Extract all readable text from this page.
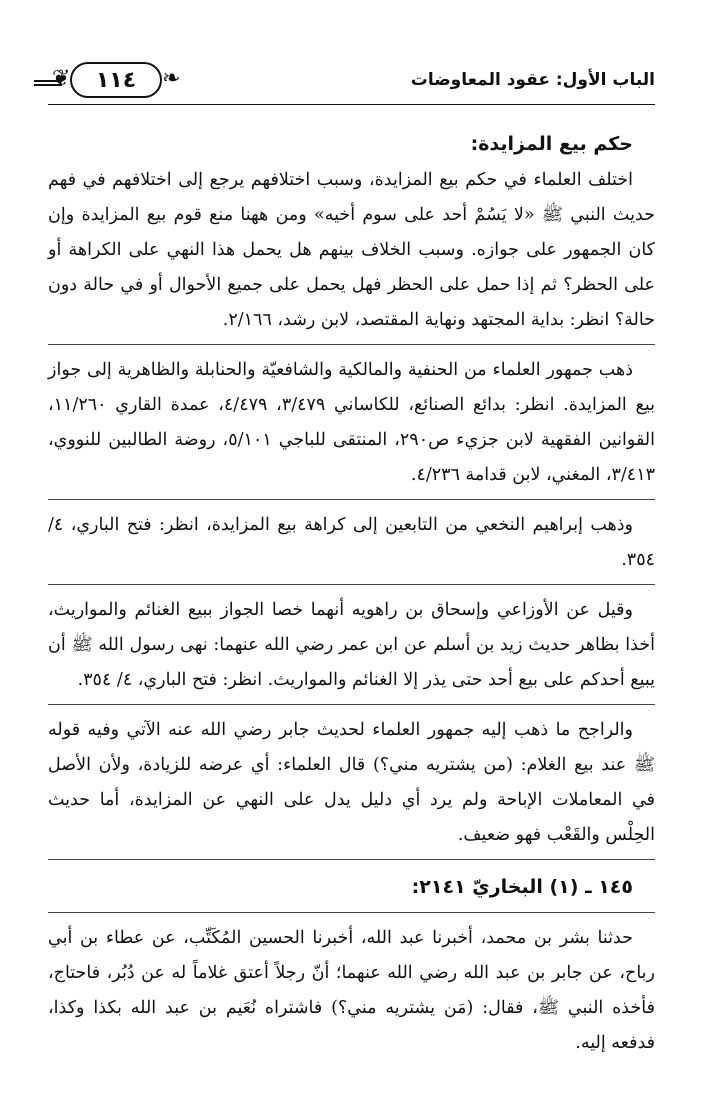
الباب الأول: عقود المعاوضات
❦	١١٤	❧
حكم بيع المزايدة:

اختلف العلماء في حكم بيع المزايدة، وسبب اختلافهم يرجع إلى اختلافهم في فهم حديث النبي ﷺ «لا يَسُمْ أحد على سوم أخيه» ومن ههنا منع قوم بيع المزايدة وإن كان الجمهور على جوازه. وسبب الخلاف بينهم هل يحمل هذا النهي على الكراهة أو على الحظر؟ ثم إذا حمل على الحظر فهل يحمل على جميع الأحوال أو في حالة دون حالة؟ انظر: بداية المجتهد ونهاية المقتصد، لابن رشد، ٢/١٦٦.

ذهب جمهور العلماء من الحنفية والمالكية والشافعيّة والحنابلة والظاهرية إلى جواز بيع المزايدة. انظر: بدائع الصنائع، للكاساني ٣/٤٧٩، ٤/٤٧٩، عمدة القاري ١١/٢٦٠، القوانين الفقهية لابن جزيء ص٢٩٠، المنتقى للباجي ٥/١٠١، روضة الطالبين للنووي، ٣/٤١٣، المغني، لابن قدامة ٤/٢٣٦.

وذهب إبراهيم النخعي من التابعين إلى كراهة بيع المزايدة، انظر: فتح الباري، ٤/ ٣٥٤.

وقيل عن الأوزاعي وإسحاق بن راهويه أنهما خصا الجواز ببيع الغنائم والمواريث، أخذا بظاهر حديث زيد بن أسلم عن ابن عمر رضي الله عنهما: نهى رسول الله ﷺ أن يبيع أحدكم على بيع أحد حتى يذر إلا الغنائم والمواريث. انظر: فتح الباري، ٤/ ٣٥٤.

والراجح ما ذهب إليه جمهور العلماء لحديث جابر رضي الله عنه الآتي وفيه قوله ﷺ عند بيع الغلام: (من يشتريه مني؟) قال العلماء: أي عرضه للزيادة، ولأن الأصل في المعاملات الإباحة ولم يرد أي دليل يدل على النهي عن المزايدة، أما حديث الحِلْس والقَعْب فهو ضعيف.

١٤٥ ـ (١) البخاريّ ٢١٤١:

حدثنا بشر بن محمد، أخبرنا عبد الله، أخبرنا الحسين المُكَتِّب، عن عطاء بن أبي رباح، عن جابر بن عبد الله رضي الله عنهما؛ أنّ رجلاً أعتق غلاماً له عن دُبُر، فاحتاج، فأخذه النبي ﷺ، فقال: (مَن يشتريه مني؟) فاشتراه نُعَيم بن عبد الله بكذا وكذا، فدفعه إليه.
